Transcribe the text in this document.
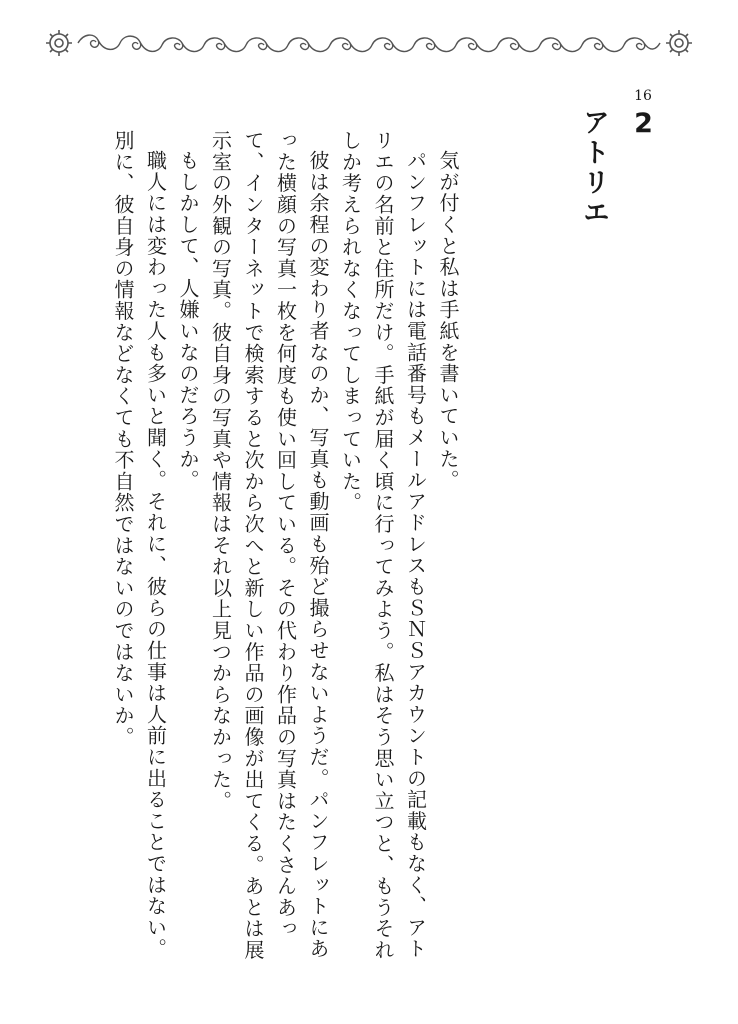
16
2
アトリエ

気が付くと私は手紙を書いていた。

パンフレットには電話番号もメールアドレスもＳＮＳアカウントの記載もなく、アトリエの名前と住所だけ。手紙が届く頃に行ってみよう。私はそう思い立つと、もうそれしか考えられなくなってしまっていた。

彼は余程の変わり者なのか、写真も動画も殆ど撮らせないようだ。パンフレットにあった横顔の写真一枚を何度も使い回している。その代わり作品の写真はたくさんあって、インターネットで検索すると次から次へと新しい作品の画像が出てくる。あとは展示室の外観の写真。彼自身の写真や情報はそれ以上見つからなかった。

もしかして、人嫌いなのだろうか。

職人には変わった人も多いと聞く。それに、彼らの仕事は人前に出ることではない。別に、彼自身の情報などなくても不自然ではないのではないか。
